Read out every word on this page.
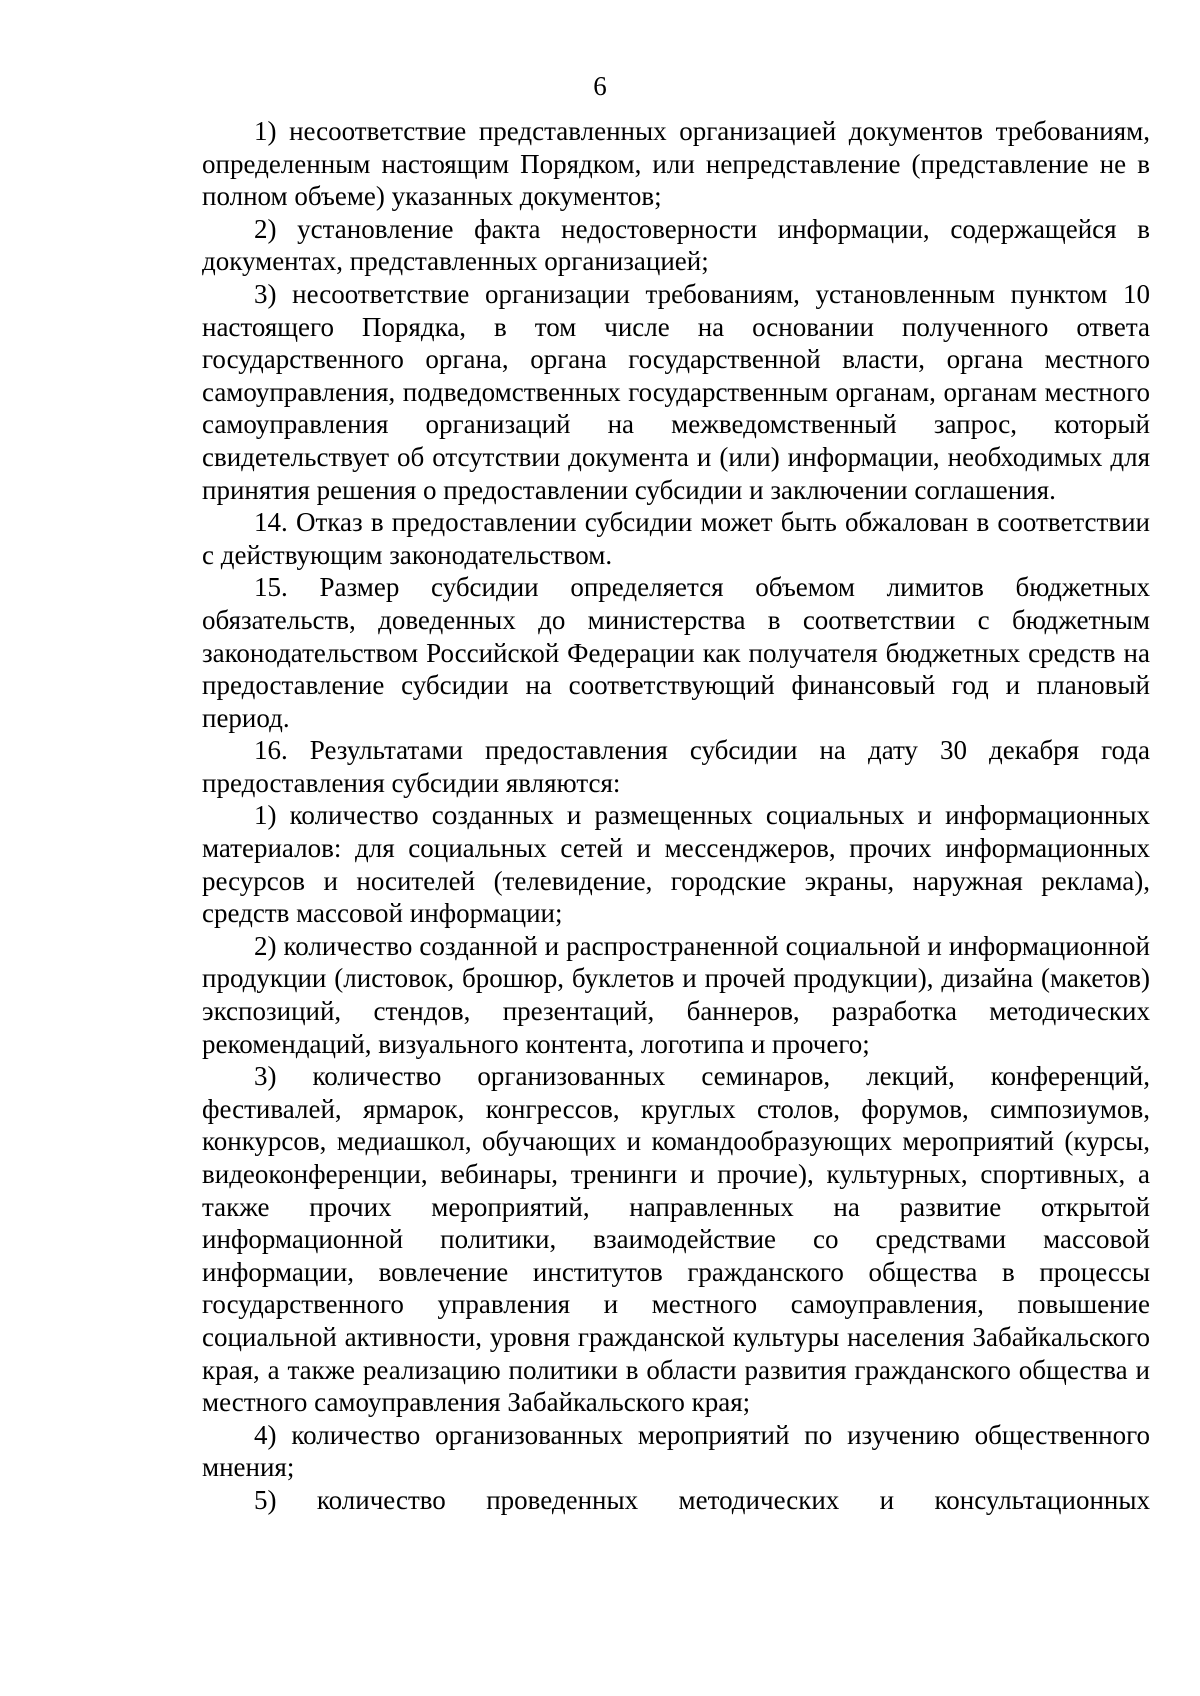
6

1) несоответствие представленных организацией документов требованиям, определенным настоящим Порядком, или непредставление (представление не в полном объеме) указанных документов;

2) установление факта недостоверности информации, содержащейся в документах, представленных организацией;

3) несоответствие организации требованиям, установленным пунктом 10 настоящего Порядка, в том числе на основании полученного ответа государственного органа, органа государственной власти, органа местного самоуправления, подведомственных государственным органам, органам местного самоуправления организаций на межведомственный запрос, который свидетельствует об отсутствии документа и (или) информации, необходимых для принятия решения о предоставлении субсидии и заключении соглашения.

14. Отказ в предоставлении субсидии может быть обжалован в соответствии с действующим законодательством.

15. Размер субсидии определяется объемом лимитов бюджетных обязательств, доведенных до министерства в соответствии с бюджетным законодательством Российской Федерации как получателя бюджетных средств на предоставление субсидии на соответствующий финансовый год и плановый период.

16. Результатами предоставления субсидии на дату 30 декабря года предоставления субсидии являются:

1) количество созданных и размещенных социальных и информационных материалов: для социальных сетей и мессенджеров, прочих информационных ресурсов и носителей (телевидение, городские экраны, наружная реклама), средств массовой информации;

2) количество созданной и распространенной социальной и информационной продукции (листовок, брошюр, буклетов и прочей продукции), дизайна (макетов) экспозиций, стендов, презентаций, баннеров, разработка методических рекомендаций, визуального контента, логотипа и прочего;

3) количество организованных семинаров, лекций, конференций, фестивалей, ярмарок, конгрессов, круглых столов, форумов, симпозиумов, конкурсов, медиашкол, обучающих и командообразующих мероприятий (курсы, видеоконференции, вебинары, тренинги и прочие), культурных, спортивных, а также прочих мероприятий, направленных на развитие открытой информационной политики, взаимодействие со средствами массовой информации, вовлечение институтов гражданского общества в процессы государственного управления и местного самоуправления, повышение социальной активности, уровня гражданской культуры населения Забайкальского края, а также реализацию политики в области развития гражданского общества и местного самоуправления Забайкальского края;

4) количество организованных мероприятий по изучению общественного мнения;

5) количество проведенных методических и консультационных
